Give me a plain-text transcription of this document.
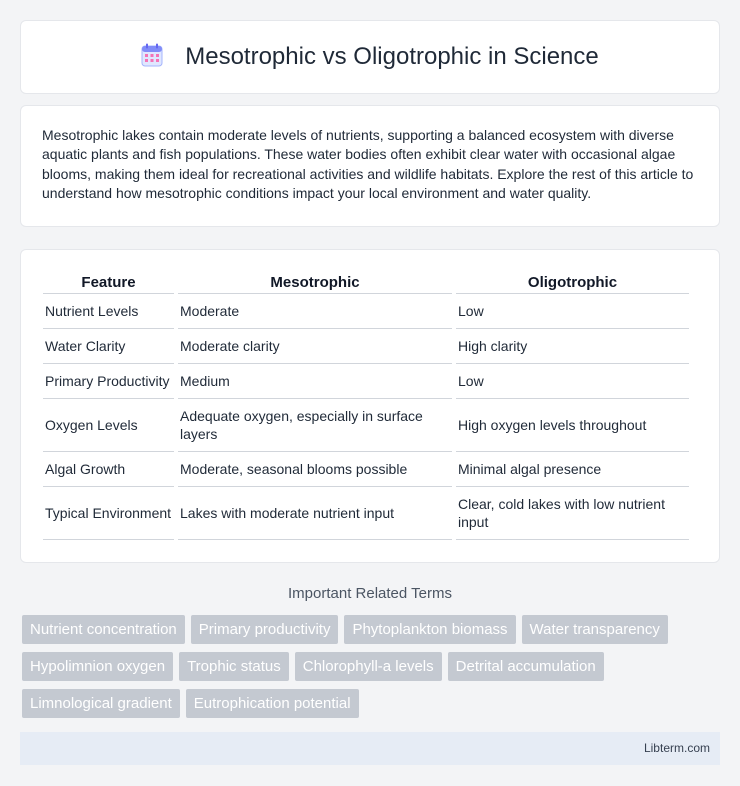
Mesotrophic vs Oligotrophic in Science

Mesotrophic lakes contain moderate levels of nutrients, supporting a balanced ecosystem with diverse aquatic plants and fish populations. These water bodies often exhibit clear water with occasional algae blooms, making them ideal for recreational activities and wildlife habitats. Explore the rest of this article to understand how mesotrophic conditions impact your local environment and water quality.

Feature	Mesotrophic	Oligotrophic
Nutrient Levels	Moderate	Low
Water Clarity	Moderate clarity	High clarity
Primary Productivity	Medium	Low
Oxygen Levels	Adequate oxygen, especially in surface layers	High oxygen levels throughout
Algal Growth	Moderate, seasonal blooms possible	Minimal algal presence
Typical Environment	Lakes with moderate nutrient input	Clear, cold lakes with low nutrient input
Important Related Terms
Nutrient concentration	Primary productivity	Phytoplankton biomass	Water transparency
Hypolimnion oxygen	Trophic status	Chlorophyll-a levels	Detrital accumulation
Limnological gradient	Eutrophication potential
Libterm.com
